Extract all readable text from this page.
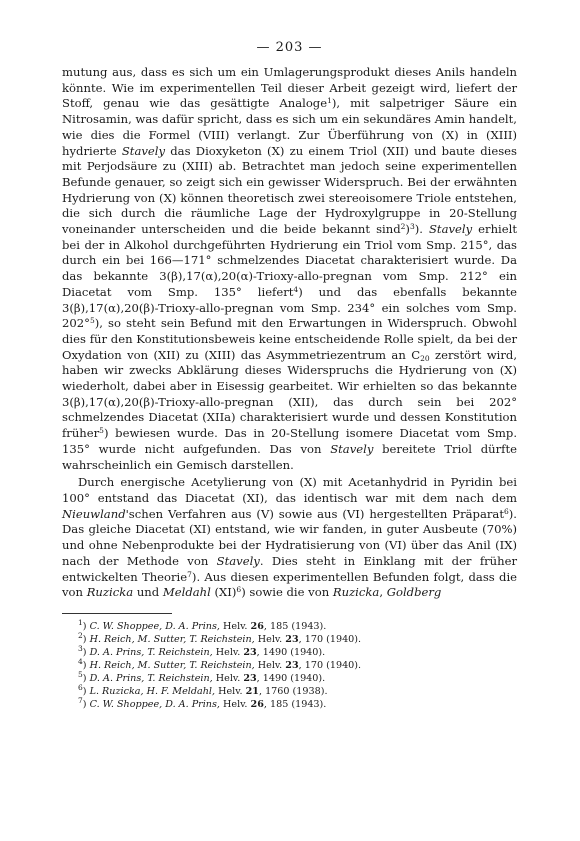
— 203 —

mutung aus, dass es sich um ein Umlagerungsprodukt dieses Anils handeln könnte. Wie im experimentellen Teil dieser Arbeit gezeigt wird, liefert der Stoff, genau wie das gesättigte Analoge$^1$), mit salpetriger Säure ein Nitrosamin, was dafür spricht, dass es sich um ein sekundäres Amin handelt, wie dies die Formel (VIII) verlangt. Zur Überführung von (X) in (XIII) hydrierte Stavely das Dioxyketon (X) zu einem Triol (XII) und baute dieses mit Perjodsäure zu (XIII) ab. Betrachtet man jedoch seine experimentellen Befunde genauer, so zeigt sich ein gewisser Widerspruch. Bei der erwähnten Hydrierung von (X) können theoretisch zwei stereoisomere Triole entstehen, die sich durch die räumliche Lage der Hydroxylgruppe in 20-Stellung voneinander unterscheiden und die beide bekannt sind$^2$)$^3$). Stavely erhielt bei der in Alkohol durchgeführten Hydrierung ein Triol vom Smp. 215°, das durch ein bei 166—171° schmelzendes Diacetat charakterisiert wurde. Da das bekannte 3(β),17(α),20(α)-Trioxy-allo-pregnan vom Smp. 212° ein Diacetat vom Smp. 135° liefert$^4$) und das ebenfalls bekannte 3(β),17(α),20(β)-Trioxy-allo-pregnan vom Smp. 234° ein solches vom Smp. 202°$^5$), so steht sein Befund mit den Erwartungen in Widerspruch. Obwohl dies für den Konstitutionsbeweis keine entscheidende Rolle spielt, da bei der Oxydation von (XII) zu (XIII) das Asymmetriezentrum an $C_{20}$ zerstört wird, haben wir zwecks Abklärung dieses Widerspruchs die Hydrierung von (X) wiederholt, dabei aber in Eisessig gearbeitet. Wir erhielten so das bekannte 3(β),17(α),20(β)-Trioxy-allo-pregnan (XII), das durch sein bei 202° schmelzendes Diacetat (XIIa) charakterisiert wurde und dessen Konstitution früher$^5$) bewiesen wurde. Das in 20-Stellung isomere Diacetat vom Smp. 135° wurde nicht aufgefunden. Das von Stavely bereitete Triol dürfte wahrscheinlich ein Gemisch darstellen.

Durch energische Acetylierung von (X) mit Acetanhydrid in Pyridin bei 100° entstand das Diacetat (XI), das identisch war mit dem nach dem Nieuwland'schen Verfahren aus (V) sowie aus (VI) hergestellten Präparat$^6$). Das gleiche Diacetat (XI) entstand, wie wir fanden, in guter Ausbeute (70%) und ohne Nebenprodukte bei der Hydratisierung von (VI) über das Anil (IX) nach der Methode von Stavely. Dies steht in Einklang mit der früher entwickelten Theorie$^7$). Aus diesen experimentellen Befunden folgt, dass die von Ruzicka und Meldahl (XI)$^6$) sowie die von Ruzicka, Goldberg

$^1$) C. W. Shoppee, D. A. Prins, Helv. 26, 185 (1943).
$^2$) H. Reich, M. Sutter, T. Reichstein, Helv. 23, 170 (1940).
$^3$) D. A. Prins, T. Reichstein, Helv. 23, 1490 (1940).
$^4$) H. Reich, M. Sutter, T. Reichstein, Helv. 23, 170 (1940).
$^5$) D. A. Prins, T. Reichstein, Helv. 23, 1490 (1940).
$^6$) L. Ruzicka, H. F. Meldahl, Helv. 21, 1760 (1938).
$^7$) C. W. Shoppee, D. A. Prins, Helv. 26, 185 (1943).
